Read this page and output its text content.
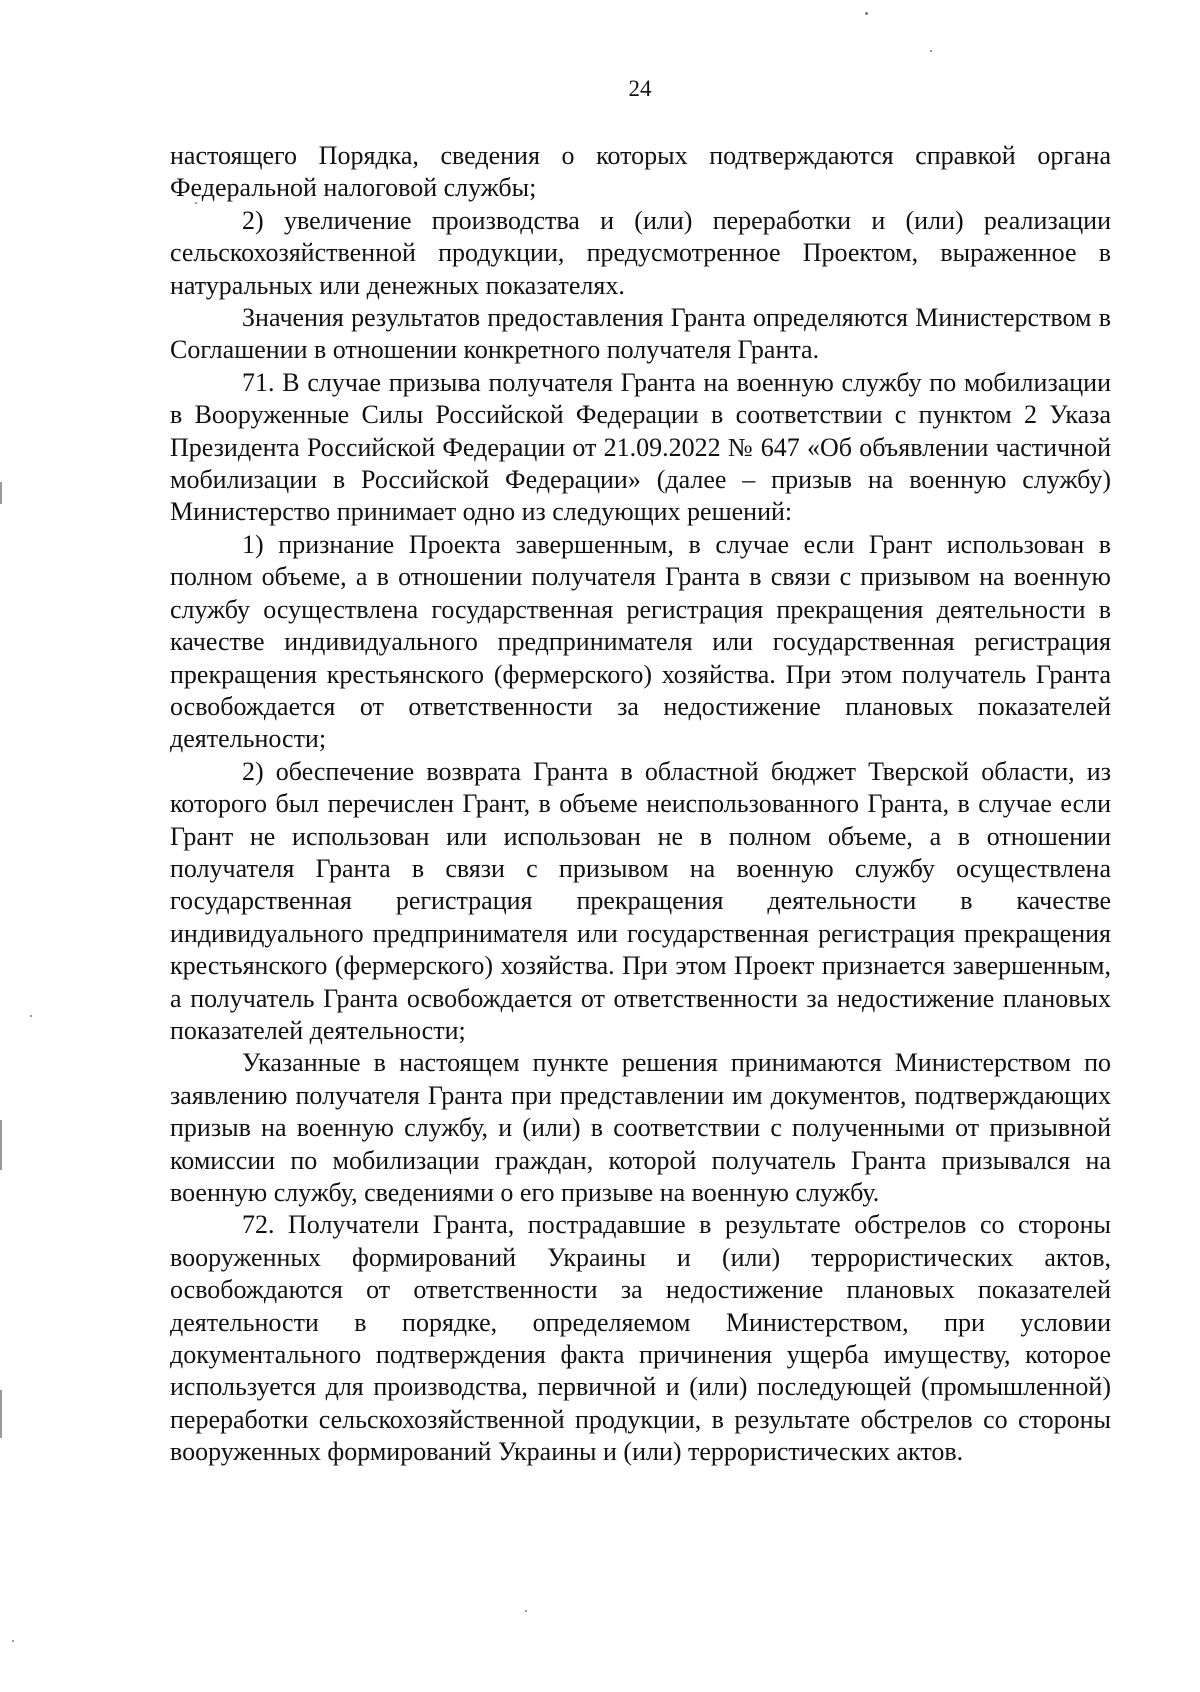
24

настоящего Порядка, сведения о которых подтверждаются справкой органа Федеральной налоговой службы;

2) увеличение производства и (или) переработки и (или) реализации сельскохозяйственной продукции, предусмотренное Проектом, выраженное в натуральных или денежных показателях.

Значения результатов предоставления Гранта определяются Министерством в Соглашении в отношении конкретного получателя Гранта.

71. В случае призыва получателя Гранта на военную службу по мобилизации в Вооруженные Силы Российской Федерации в соответствии с пунктом 2 Указа Президента Российской Федерации от 21.09.2022 № 647 «Об объявлении частичной мобилизации в Российской Федерации» (далее – призыв на военную службу) Министерство принимает одно из следующих решений:

1) признание Проекта завершенным, в случае если Грант использован в полном объеме, а в отношении получателя Гранта в связи с призывом на военную службу осуществлена государственная регистрация прекращения деятельности в качестве индивидуального предпринимателя или государственная регистрация прекращения крестьянского (фермерского) хозяйства. При этом получатель Гранта освобождается от ответственности за недостижение плановых показателей деятельности;

2) обеспечение возврата Гранта в областной бюджет Тверской области, из которого был перечислен Грант, в объеме неиспользованного Гранта, в случае если Грант не использован или использован не в полном объеме, а в отношении получателя Гранта в связи с призывом на военную службу осуществлена государственная регистрация прекращения деятельности в качестве индивидуального предпринимателя или государственная регистрация прекращения крестьянского (фермерского) хозяйства. При этом Проект признается завершенным, а получатель Гранта освобождается от ответственности за недостижение плановых показателей деятельности;

Указанные в настоящем пункте решения принимаются Министерством по заявлению получателя Гранта при представлении им документов, подтверждающих призыв на военную службу, и (или) в соответствии с полученными от призывной комиссии по мобилизации граждан, которой получатель Гранта призывался на военную службу, сведениями о его призыве на военную службу.

72. Получатели Гранта, пострадавшие в результате обстрелов со стороны вооруженных формирований Украины и (или) террористических актов, освобождаются от ответственности за недостижение плановых показателей деятельности в порядке, определяемом Министерством, при условии документального подтверждения факта причинения ущерба имуществу, которое используется для производства, первичной и (или) последующей (промышленной) переработки сельскохозяйственной продукции, в результате обстрелов со стороны вооруженных формирований Украины и (или) террористических актов.
